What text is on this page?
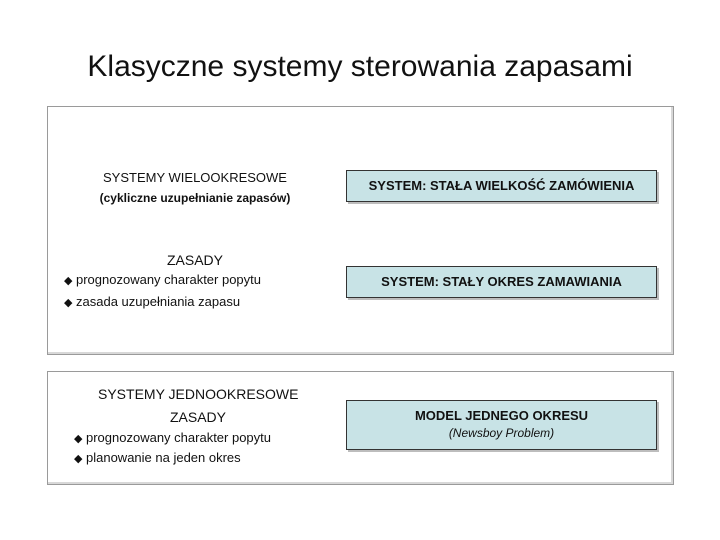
Klasyczne systemy sterowania zapasami
SYSTEMY WIELOOKRESOWE
(cykliczne uzupełnianie zapasów)
ZASADY
◆ prognozowany charakter popytu
◆ zasada uzupełniania zapasu
SYSTEM: STAŁA WIELKOŚĆ ZAMÓWIENIA
SYSTEM: STAŁY OKRES ZAMAWIANIA
SYSTEMY JEDNOOKRESOWE
ZASADY
◆ prognozowany charakter popytu
◆ planowanie na jeden okres
MODEL JEDNEGO OKRESU
(Newsboy Problem)
